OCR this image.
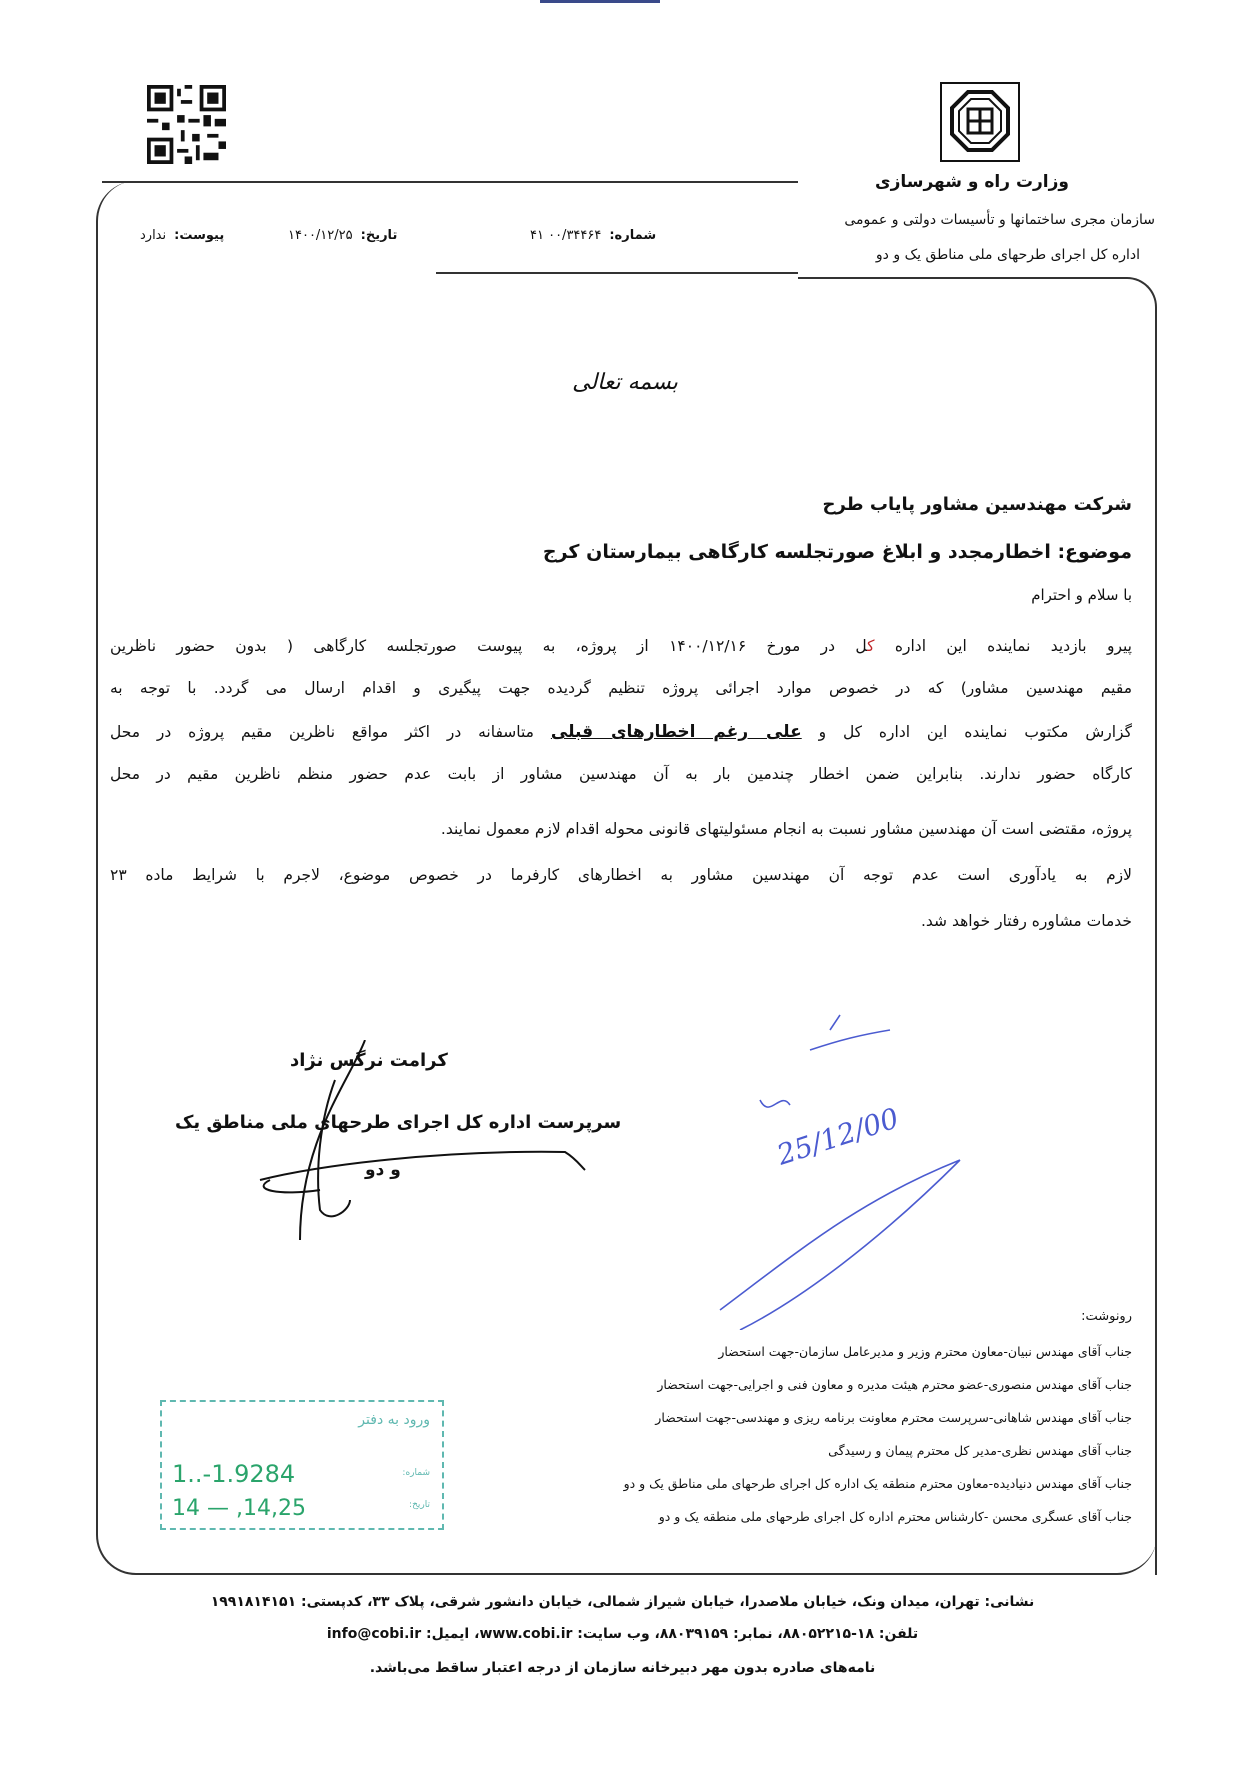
وزارت راه و شهرسازی
سازمان مجری ساختمانها و تأسیسات دولتی و عمومی
اداره کل اجرای طرحهای ملی مناطق یک و دو
شماره:۴۱ ۰۰/۳۴۴۶۴
تاریخ:۱۴۰۰/۱۲/۲۵
پیوست:ندارد
بسمه تعالی
شرکت مهندسین مشاور پایاب طرح
موضوع: اخطارمجدد و ابلاغ صورتجلسه کارگاهی بیمارستان کرج
با سلام و احترام
پیرو بازدید نماینده این اداره کل در مورخ ۱۴۰۰/۱۲/۱۶ از پروژه، به پیوست صورتجلسه کارگاهی ( بدون حضور ناظرین
مقیم مهندسین مشاور) که در خصوص موارد اجرائی پروژه تنظیم گردیده جهت پیگیری و اقدام ارسال می گردد. با توجه به
گزارش مکتوب نماینده این اداره کل و علی رغم اخطارهای قبلی متاسفانه در اکثر مواقع ناظرین مقیم پروژه در محل
کارگاه حضور ندارند. بنابراین ضمن اخطار چندمین بار به آن مهندسین مشاور از بابت عدم حضور منظم ناظرین مقیم در محل
پروژه، مقتضی است آن مهندسین مشاور نسبت به انجام مسئولیتهای قانونی محوله اقدام لازم معمول نمایند.
لازم به یادآوری است عدم توجه آن مهندسین مشاور به اخطارهای کارفرما در خصوص موضوع، لاجرم با شرایط ماده ۲۳
خدمات مشاوره رفتار خواهد شد.
کرامت نرگس نژاد
سرپرست اداره کل اجرای طرحهای ملی مناطق یک
و دو	25/12/00
رونوشت:
جناب آقای مهندس نبیان-معاون محترم وزیر و مدیرعامل سازمان-جهت استحضار
جناب آقای مهندس منصوری-عضو محترم هیئت مدیره و معاون فنی و اجرایی-جهت استحضار
جناب آقای مهندس شاهانی-سرپرست محترم معاونت برنامه ریزی و مهندسی-جهت استحضار
جناب آقای مهندس نظری-مدیر کل محترم پیمان و رسیدگی
جناب آقای مهندس دنیادیده-معاون محترم منطقه یک اداره کل اجرای طرحهای ملی مناطق یک و دو
جناب آقای عسگری محسن -کارشناس محترم اداره کل اجرای طرحهای ملی منطقه یک و دو
ورود به دفتر
شماره:
تاریخ:
1..-1.9284
14 — ,14,25
نشانی: تهران، میدان ونک، خیابان ملاصدرا، خیابان شیراز شمالی، خیابان دانشور شرقی، پلاک ۳۳، کدپستی: ۱۹۹۱۸۱۴۱۵۱
تلفن: ۱۸-۸۸۰۵۲۲۱۵، نمابر: ۸۸۰۳۹۱۵۹، وب سایت: www.cobi.ir، ایمیل: info@cobi.ir
نامه‌های صادره بدون مهر دبیرخانه سازمان از درجه اعتبار ساقط می‌باشد.
